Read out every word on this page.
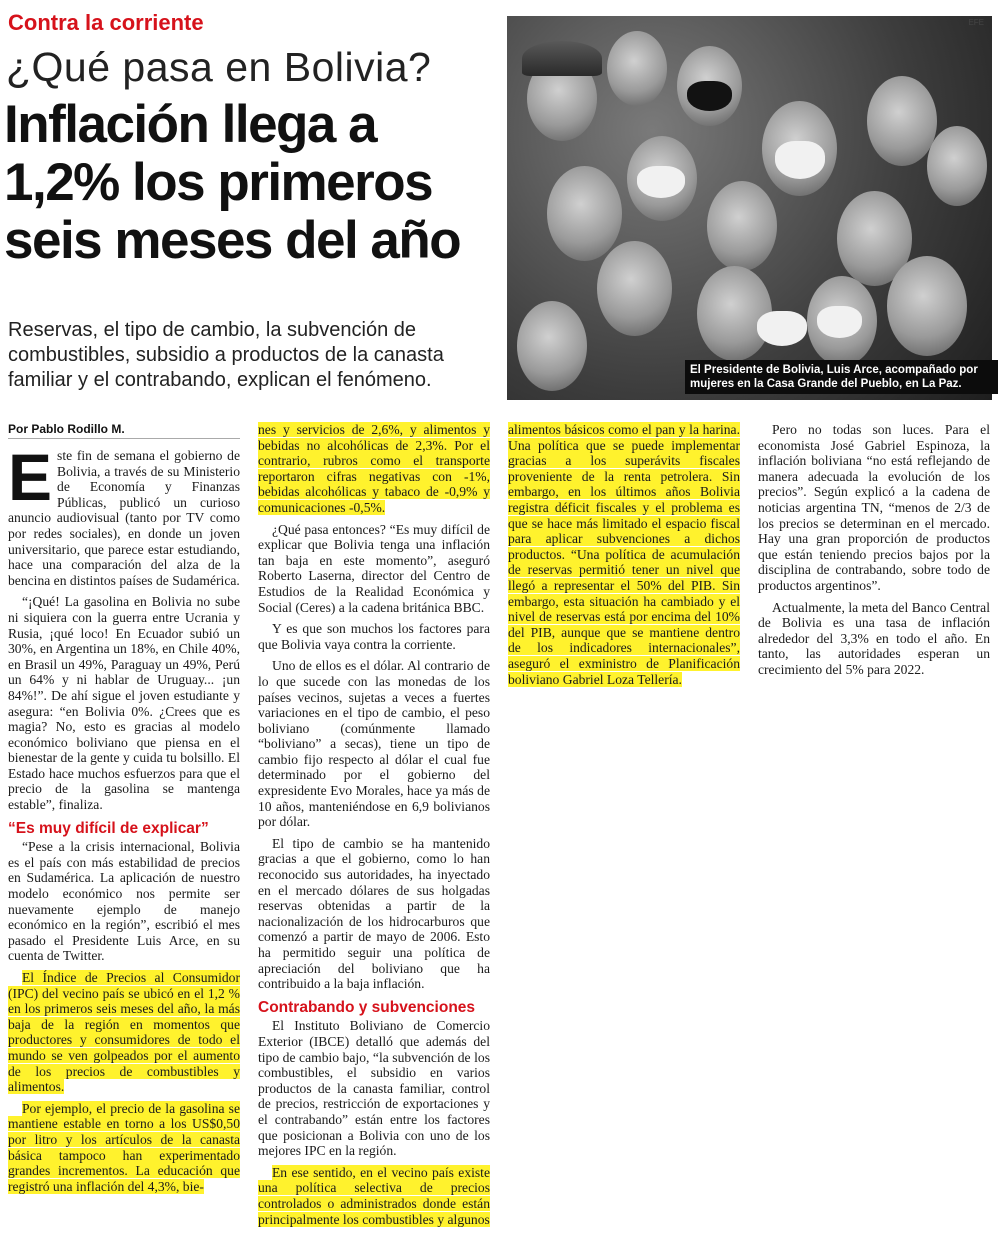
Contra la corriente
¿Qué pasa en Bolivia?
Inflación llega a
1,2% los primeros
seis meses del año
Reservas, el tipo de cambio, la subvención de combustibles, subsidio a productos de la canasta familiar y el contrabando, explican el fenómeno.
EFE
El Presidente de Bolivia, Luis Arce, acompañado por mujeres en la Casa Grande del Pueblo, en La Paz.
Por Pablo Rodillo M.

Este fin de semana el gobierno de Bolivia, a través de su Ministerio de Economía y Finanzas Públicas, publicó un curioso anuncio audiovisual (tanto por TV como por redes sociales), en donde un joven universitario, que parece estar estudiando, hace una comparación del alza de la bencina en distintos países de Sudamérica.

“¡Qué! La gasolina en Bolivia no sube ni siquiera con la guerra entre Ucrania y Rusia, ¡qué loco! En Ecuador subió un 30%, en Argentina un 18%, en Chile 40%, en Brasil un 49%, Paraguay un 49%, Perú un 64% y ni hablar de Uruguay... ¡un 84%!”. De ahí sigue el joven estudiante y asegura: “en Bolivia 0%. ¿Crees que es magia? No, esto es gracias al modelo económico boliviano que piensa en el bienestar de la gente y cuida tu bolsillo. El Estado hace muchos esfuerzos para que el precio de la gasolina se mantenga estable”, finaliza.

“Es muy difícil de explicar”

“Pese a la crisis internacional, Bolivia es el país con más estabilidad de precios en Sudamérica. La aplicación de nuestro modelo económico nos permite ser nuevamente ejemplo de manejo económico en la región”, escribió el mes pasado el Presidente Luis Arce, en su cuenta de Twitter.

El Índice de Precios al Consumidor (IPC) del vecino país se ubicó en el 1,2 % en los primeros seis meses del año, la más baja de la región en momentos que productores y consumidores de todo el mundo se ven golpeados por el aumento de los precios de combustibles y alimentos.

Por ejemplo, el precio de la gasolina se mantiene estable en torno a los US$0,50 por litro y los artículos de la canasta básica tampoco han experimentado grandes incrementos. La educación que registró una inflación del 4,3%, bie-

nes y servicios de 2,6%, y alimentos y bebidas no alcohólicas de 2,3%. Por el contrario, rubros como el transporte reportaron cifras negativas con -1%, bebidas alcohólicas y tabaco de -0,9% y comunicaciones -0,5%.

¿Qué pasa entonces? “Es muy difícil de explicar que Bolivia tenga una inflación tan baja en este momento”, aseguró Roberto Laserna, director del Centro de Estudios de la Realidad Económica y Social (Ceres) a la cadena británica BBC.

Y es que son muchos los factores para que Bolivia vaya contra la corriente.

Uno de ellos es el dólar. Al contrario de lo que sucede con las monedas de los países vecinos, sujetas a veces a fuertes variaciones en el tipo de cambio, el peso boliviano (comúnmente llamado “boliviano” a secas), tiene un tipo de cambio fijo respecto al dólar el cual fue determinado por el gobierno del expresidente Evo Morales, hace ya más de 10 años, manteniéndose en 6,9 bolivianos por dólar.

El tipo de cambio se ha mantenido gracias a que el gobierno, como lo han reconocido sus autoridades, ha inyectado en el mercado dólares de sus holgadas reservas obtenidas a partir de la nacionalización de los hidrocarburos que comenzó a partir de mayo de 2006. Esto ha permitido seguir una política de apreciación del boliviano que ha contribuido a la baja inflación.

Contrabando y subvenciones

El Instituto Boliviano de Comercio Exterior (IBCE) detalló que además del tipo de cambio bajo, “la subvención de los combustibles, el subsidio en varios productos de la canasta familiar, control de precios, restricción de exportaciones y el contrabando” están entre los factores que posicionan a Bolivia con uno de los mejores IPC en la región.

En ese sentido, en el vecino país existe una política selectiva de precios controlados o administrados donde están principalmente los combustibles y algunos

alimentos básicos como el pan y la harina. Una política que se puede implementar gracias a los superávits fiscales proveniente de la renta petrolera. Sin embargo, en los últimos años Bolivia registra déficit fiscales y el problema es que se hace más limitado el espacio fiscal para aplicar subvenciones a dichos productos. “Una política de acumulación de reservas permitió tener un nivel que llegó a representar el 50% del PIB. Sin embargo, esta situación ha cambiado y el nivel de reservas está por encima del 10% del PIB, aunque que se mantiene dentro de los indicadores internacionales”, aseguró el exministro de Planificación boliviano Gabriel Loza Tellería.

Pero no todas son luces. Para el economista José Gabriel Espinoza, la inflación boliviana “no está reflejando de manera adecuada la evolución de los precios”. Según explicó a la cadena de noticias argentina TN, “menos de 2/3 de los precios se determinan en el mercado. Hay una gran proporción de productos que están teniendo precios bajos por la disciplina de contrabando, sobre todo de productos argentinos”.

Actualmente, la meta del Banco Central de Bolivia es una tasa de inflación alrededor del 3,3% en todo el año. En tanto, las autoridades esperan un crecimiento del 5% para 2022.
